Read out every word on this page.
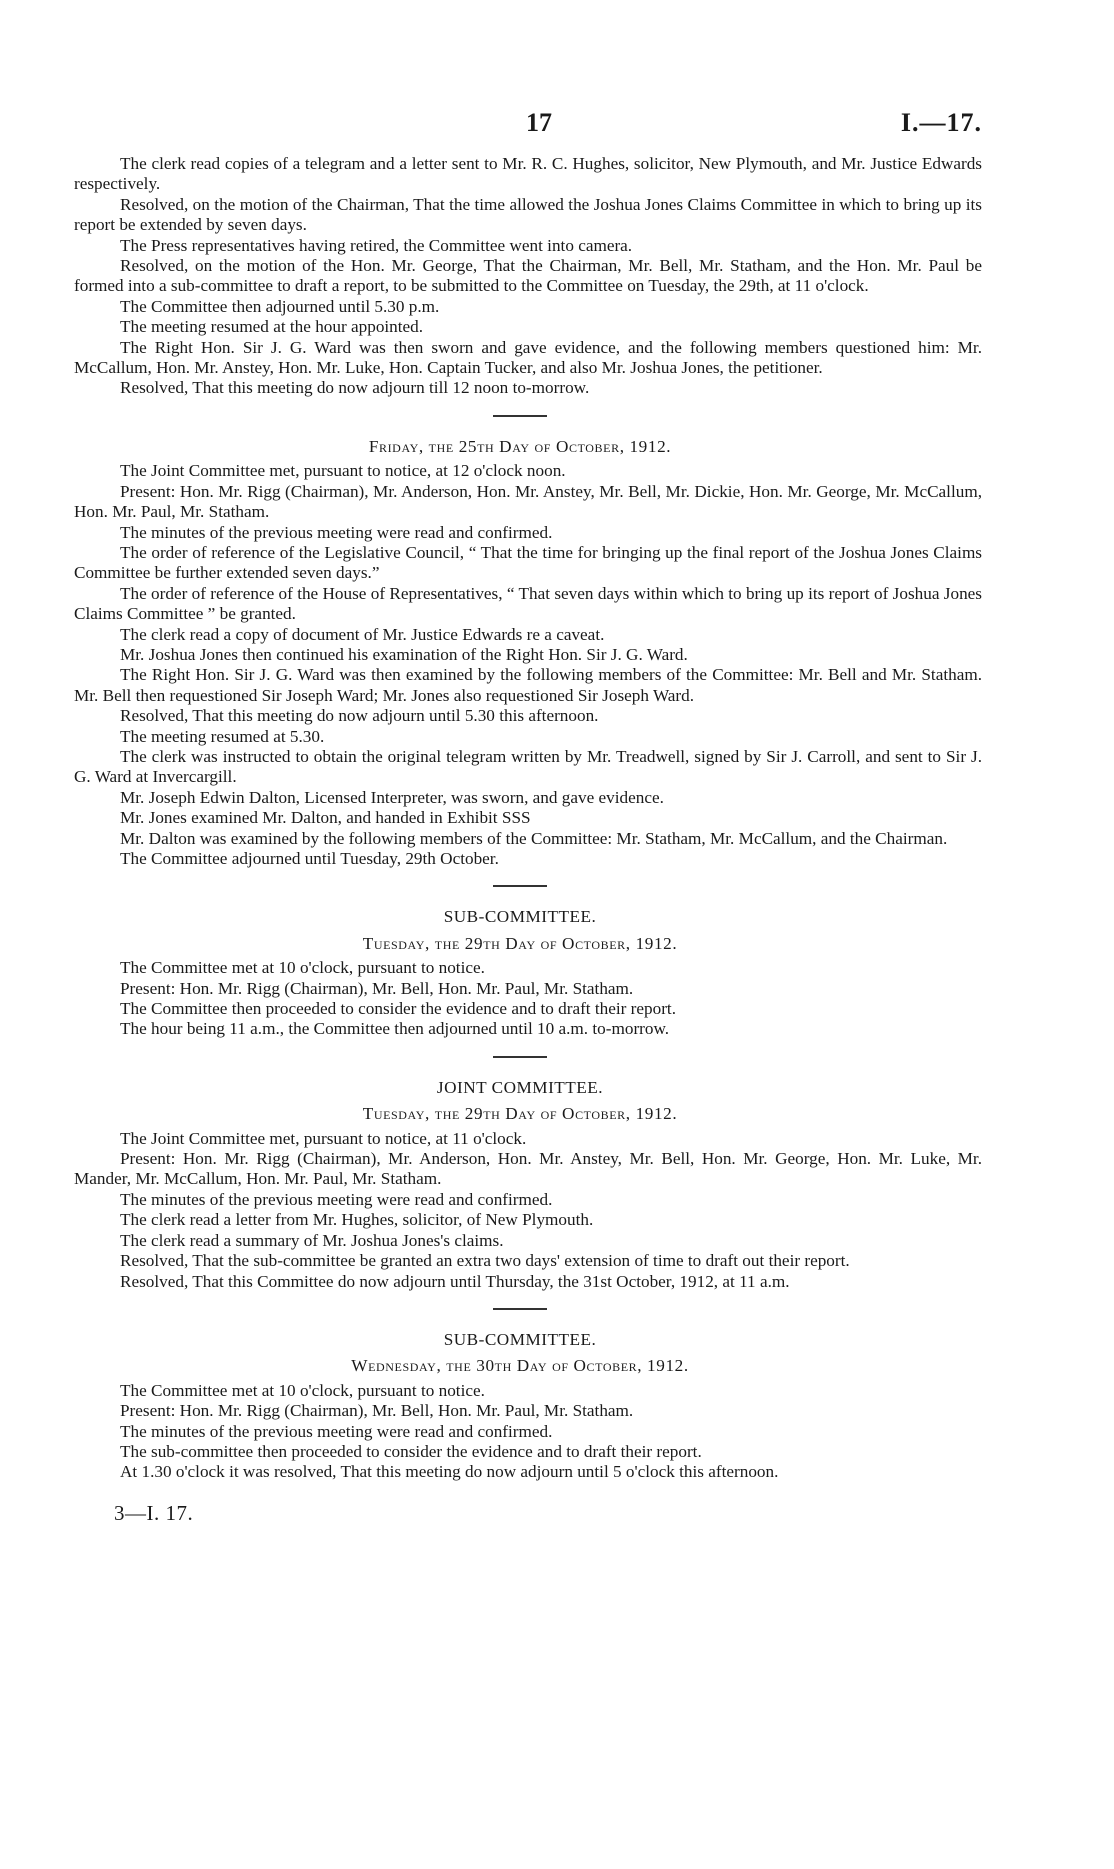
17	I.—17.

The clerk read copies of a telegram and a letter sent to Mr. R. C. Hughes, solicitor, New Plymouth, and Mr. Justice Edwards respectively.

Resolved, on the motion of the Chairman, That the time allowed the Joshua Jones Claims Committee in which to bring up its report be extended by seven days.

The Press representatives having retired, the Committee went into camera.

Resolved, on the motion of the Hon. Mr. George, That the Chairman, Mr. Bell, Mr. Statham, and the Hon. Mr. Paul be formed into a sub-committee to draft a report, to be submitted to the Committee on Tuesday, the 29th, at 11 o'clock.

The Committee then adjourned until 5.30 p.m.

The meeting resumed at the hour appointed.

The Right Hon. Sir J. G. Ward was then sworn and gave evidence, and the following members questioned him: Mr. McCallum, Hon. Mr. Anstey, Hon. Mr. Luke, Hon. Captain Tucker, and also Mr. Joshua Jones, the petitioner.

Resolved, That this meeting do now adjourn till 12 noon to-morrow.

Friday, the 25th Day of October, 1912.

The Joint Committee met, pursuant to notice, at 12 o'clock noon.

Present: Hon. Mr. Rigg (Chairman), Mr. Anderson, Hon. Mr. Anstey, Mr. Bell, Mr. Dickie, Hon. Mr. George, Mr. McCallum, Hon. Mr. Paul, Mr. Statham.

The minutes of the previous meeting were read and confirmed.

The order of reference of the Legislative Council, “ That the time for bringing up the final report of the Joshua Jones Claims Committee be further extended seven days.”

The order of reference of the House of Representatives, “ That seven days within which to bring up its report of Joshua Jones Claims Committee ” be granted.

The clerk read a copy of document of Mr. Justice Edwards re a caveat.

Mr. Joshua Jones then continued his examination of the Right Hon. Sir J. G. Ward.

The Right Hon. Sir J. G. Ward was then examined by the following members of the Committee: Mr. Bell and Mr. Statham. Mr. Bell then requestioned Sir Joseph Ward; Mr. Jones also requestioned Sir Joseph Ward.

Resolved, That this meeting do now adjourn until 5.30 this afternoon.

The meeting resumed at 5.30.

The clerk was instructed to obtain the original telegram written by Mr. Treadwell, signed by Sir J. Carroll, and sent to Sir J. G. Ward at Invercargill.

Mr. Joseph Edwin Dalton, Licensed Interpreter, was sworn, and gave evidence.

Mr. Jones examined Mr. Dalton, and handed in Exhibit SSS

Mr. Dalton was examined by the following members of the Committee: Mr. Statham, Mr. McCallum, and the Chairman.

The Committee adjourned until Tuesday, 29th October.

SUB-COMMITTEE.
Tuesday, the 29th Day of October, 1912.

The Committee met at 10 o'clock, pursuant to notice.

Present: Hon. Mr. Rigg (Chairman), Mr. Bell, Hon. Mr. Paul, Mr. Statham.

The Committee then proceeded to consider the evidence and to draft their report.

The hour being 11 a.m., the Committee then adjourned until 10 a.m. to-morrow.

JOINT COMMITTEE.
Tuesday, the 29th Day of October, 1912.

The Joint Committee met, pursuant to notice, at 11 o'clock.

Present: Hon. Mr. Rigg (Chairman), Mr. Anderson, Hon. Mr. Anstey, Mr. Bell, Hon. Mr. George, Hon. Mr. Luke, Mr. Mander, Mr. McCallum, Hon. Mr. Paul, Mr. Statham.

The minutes of the previous meeting were read and confirmed.

The clerk read a letter from Mr. Hughes, solicitor, of New Plymouth.

The clerk read a summary of Mr. Joshua Jones's claims.

Resolved, That the sub-committee be granted an extra two days' extension of time to draft out their report.

Resolved, That this Committee do now adjourn until Thursday, the 31st October, 1912, at 11 a.m.

SUB-COMMITTEE.
Wednesday, the 30th Day of October, 1912.

The Committee met at 10 o'clock, pursuant to notice.

Present: Hon. Mr. Rigg (Chairman), Mr. Bell, Hon. Mr. Paul, Mr. Statham.

The minutes of the previous meeting were read and confirmed.

The sub-committee then proceeded to consider the evidence and to draft their report.

At 1.30 o'clock it was resolved, That this meeting do now adjourn until 5 o'clock this afternoon.

3—I. 17.
